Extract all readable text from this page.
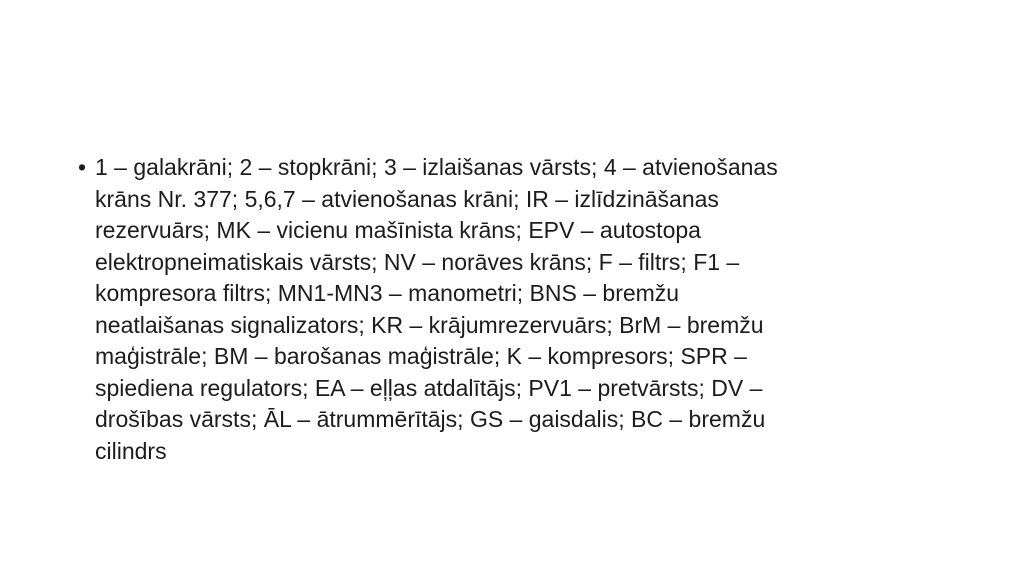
• 1 – galakrāni; 2 – stopkrāni; 3 – izlaišanas vārsts; 4 – atvienošanas
krāns Nr. 377; 5,6,7 – atvienošanas krāni; IR – izlīdzināšanas
rezervuārs; MK – vicienu mašīnista krāns; EPV – autostopa
elektropneimatiskais vārsts; NV – norāves krāns; F – filtrs; F1 –
kompresora filtrs; MN1-MN3 – manometri; BNS – bremžu
neatlaišanas signalizators; KR – krājumrezervuārs; BrM – bremžu
maģistrāle; BM – barošanas maģistrāle; K – kompresors; SPR –
spiediena regulators; EA – eļļas atdalītājs; PV1 – pretvārsts; DV –
drošības vārsts; ĀL – ātrummērītājs; GS – gaisdalis; BC – bremžu
cilindrs
